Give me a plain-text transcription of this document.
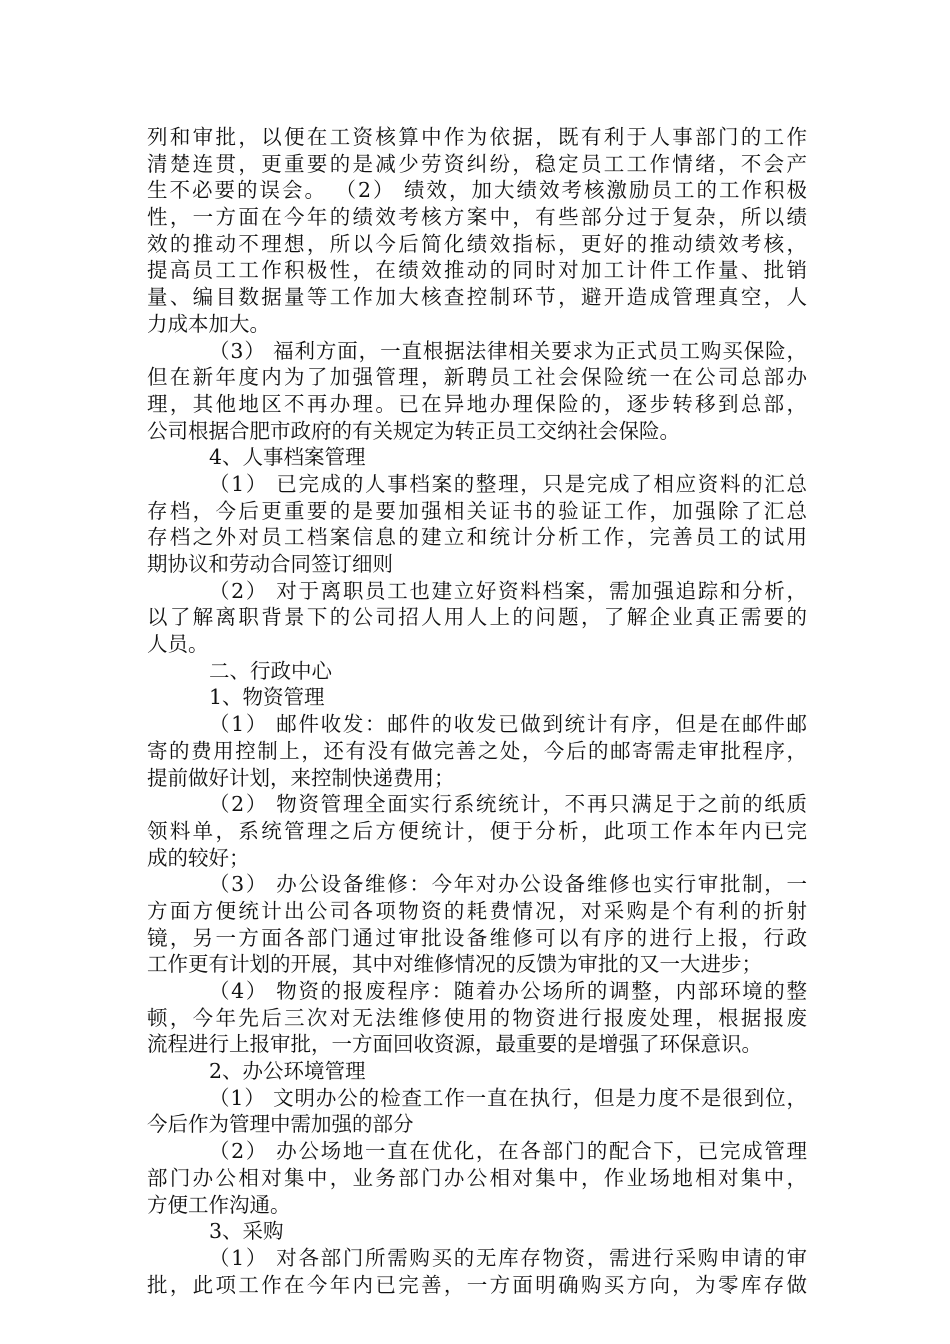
列和审批，以便在工资核算中作为依据，既有利于人事部门的工作
清楚连贯，更重要的是减少劳资纠纷，稳定员工工作情绪，不会产
生不必要的误会。 （2） 绩效，加大绩效考核激励员工的工作积极
性，一方面在今年的绩效考核方案中，有些部分过于复杂，所以绩
效的推动不理想，所以今后简化绩效指标，更好的推动绩效考核，
提高员工工作积极性，在绩效推动的同时对加工计件工作量、批销
量、编目数据量等工作加大核查控制环节，避开造成管理真空，人
力成本加大。
（3） 福利方面，一直根据法律相关要求为正式员工购买保险，
但在新年度内为了加强管理，新聘员工社会保险统一在公司总部办
理，其他地区不再办理。已在异地办理保险的，逐步转移到总部，
公司根据合肥市政府的有关规定为转正员工交纳社会保险。
4、人事档案管理
（1） 已完成的人事档案的整理，只是完成了相应资料的汇总
存档，今后更重要的是要加强相关证书的验证工作，加强除了汇总
存档之外对员工档案信息的建立和统计分析工作，完善员工的试用
期协议和劳动合同签订细则
（2） 对于离职员工也建立好资料档案，需加强追踪和分析，
以了解离职背景下的公司招人用人上的问题，了解企业真正需要的
人员。
二、行政中心
1、物资管理
（1） 邮件收发：邮件的收发已做到统计有序，但是在邮件邮
寄的费用控制上，还有没有做完善之处，今后的邮寄需走审批程序，
提前做好计划，来控制快递费用；
（2） 物资管理全面实行系统统计，不再只满足于之前的纸质
领料单，系统管理之后方便统计，便于分析，此项工作本年内已完
成的较好；
（3） 办公设备维修：今年对办公设备维修也实行审批制，一
方面方便统计出公司各项物资的耗费情况，对采购是个有利的折射
镜，另一方面各部门通过审批设备维修可以有序的进行上报，行政
工作更有计划的开展，其中对维修情况的反馈为审批的又一大进步；
（4） 物资的报废程序：随着办公场所的调整，内部环境的整
顿，今年先后三次对无法维修使用的物资进行报废处理，根据报废
流程进行上报审批，一方面回收资源，最重要的是增强了环保意识。
2、办公环境管理
（1） 文明办公的检查工作一直在执行，但是力度不是很到位，
今后作为管理中需加强的部分
（2） 办公场地一直在优化，在各部门的配合下，已完成管理
部门办公相对集中，业务部门办公相对集中，作业场地相对集中，
方便工作沟通。
3、采购
（1） 对各部门所需购买的无库存物资，需进行采购申请的审
批，此项工作在今年内已完善，一方面明确购买方向，为零库存做
